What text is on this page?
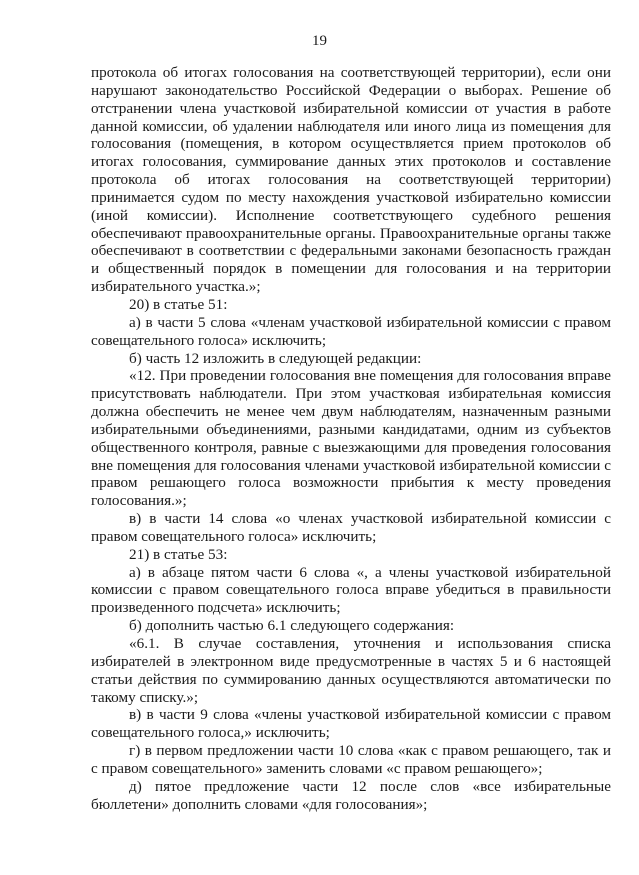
19

протокола об итогах голосования на соответствующей территории), если они нарушают законодательство Российской Федерации о выборах. Решение об отстранении члена участковой избирательной комиссии от участия в работе данной комиссии, об удалении наблюдателя или иного лица из помещения для голосования (помещения, в котором осуществляется прием протоколов об итогах голосования, суммирование данных этих протоколов и составление протокола об итогах голосования на соответствующей территории) принимается судом по месту нахождения участковой избирательно комиссии (иной комиссии). Исполнение соответствующего судебного решения обеспечивают правоохранительные органы. Правоохранительные органы также обеспечивают в соответствии с федеральными законами безопасность граждан и общественный порядок в помещении для голосования и на территории избирательного участка.»;

20) в статье 51:

а) в части 5 слова «членам участковой избирательной комиссии с правом совещательного голоса» исключить;

б) часть 12 изложить в следующей редакции:

«12. При проведении голосования вне помещения для голосования вправе присутствовать наблюдатели. При этом участковая избирательная комиссия должна обеспечить не менее чем двум наблюдателям, назначенным разными избирательными объединениями, разными кандидатами, одним из субъектов общественного контроля, равные с выезжающими для проведения голосования вне помещения для голосования членами участковой избирательной комиссии с правом решающего голоса возможности прибытия к месту проведения голосования.»;

в) в части 14 слова «о членах участковой избирательной комиссии с правом совещательного голоса» исключить;

21) в статье 53:

а) в абзаце пятом части 6 слова «, а члены участковой избирательной комиссии с правом совещательного голоса вправе убедиться в правильности произведенного подсчета» исключить;

б) дополнить частью 6.1 следующего содержания:

«6.1. В случае составления, уточнения и использования списка избирателей в электронном виде предусмотренные в частях 5 и 6 настоящей статьи действия по суммированию данных осуществляются автоматически по такому списку.»;

в) в части 9 слова «члены участковой избирательной комиссии с правом совещательного голоса,» исключить;

г) в первом предложении части 10 слова «как с правом решающего, так и с правом совещательного» заменить словами «с правом решающего»;

д) пятое предложение части 12 после слов «все избирательные бюллетени» дополнить словами «для голосования»;
